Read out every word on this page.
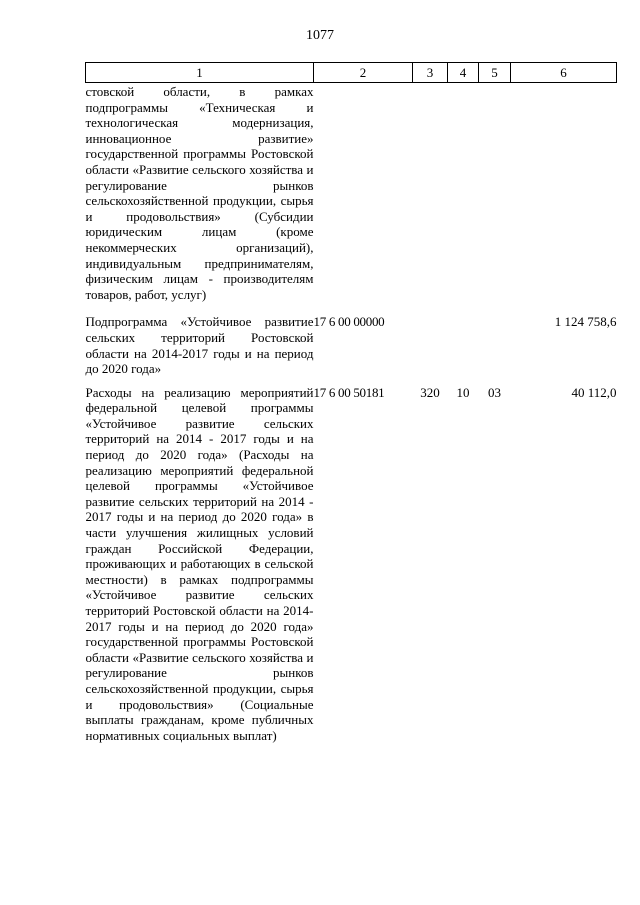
1077
1	2	3	4	5	6
стовской области, в рамках подпрограммы «Техническая и технологическая модернизация, инновационное развитие» государственной программы Ростовской области «Развитие сельского хозяйства и регулирование рынков сельскохозяйственной продукции, сырья и продовольствия» (Субсидии юридическим лицам (кроме некоммерческих организаций), индивидуальным предпринимателям, физическим лицам - производителям товаров, работ, услуг)					
Подпрограмма «Устойчивое развитие сельских территорий Ростовской области на 2014-2017 годы и на период до 2020 года»	17 6 00 00000				1 124 758,6
Расходы на реализацию мероприятий федеральной целевой программы «Устойчивое развитие сельских территорий на 2014 - 2017 годы и на период до 2020 года» (Расходы на реализацию мероприятий федеральной целевой программы «Устойчивое развитие сельских территорий на 2014 - 2017 годы и на период до 2020 года» в части улучшения жилищных условий граждан Российской Федерации, проживающих и работающих в сельской местности) в рамках подпрограммы «Устойчивое развитие сельских территорий Ростовской области на 2014-2017 годы и на период до 2020 года» государственной программы Ростовской области «Развитие сельского хозяйства и регулирование рынков сельскохозяйственной продукции, сырья и продовольствия» (Социальные выплаты гражданам, кроме публичных нормативных социальных выплат)	17 6 00 50181	320	10	03	40 112,0
